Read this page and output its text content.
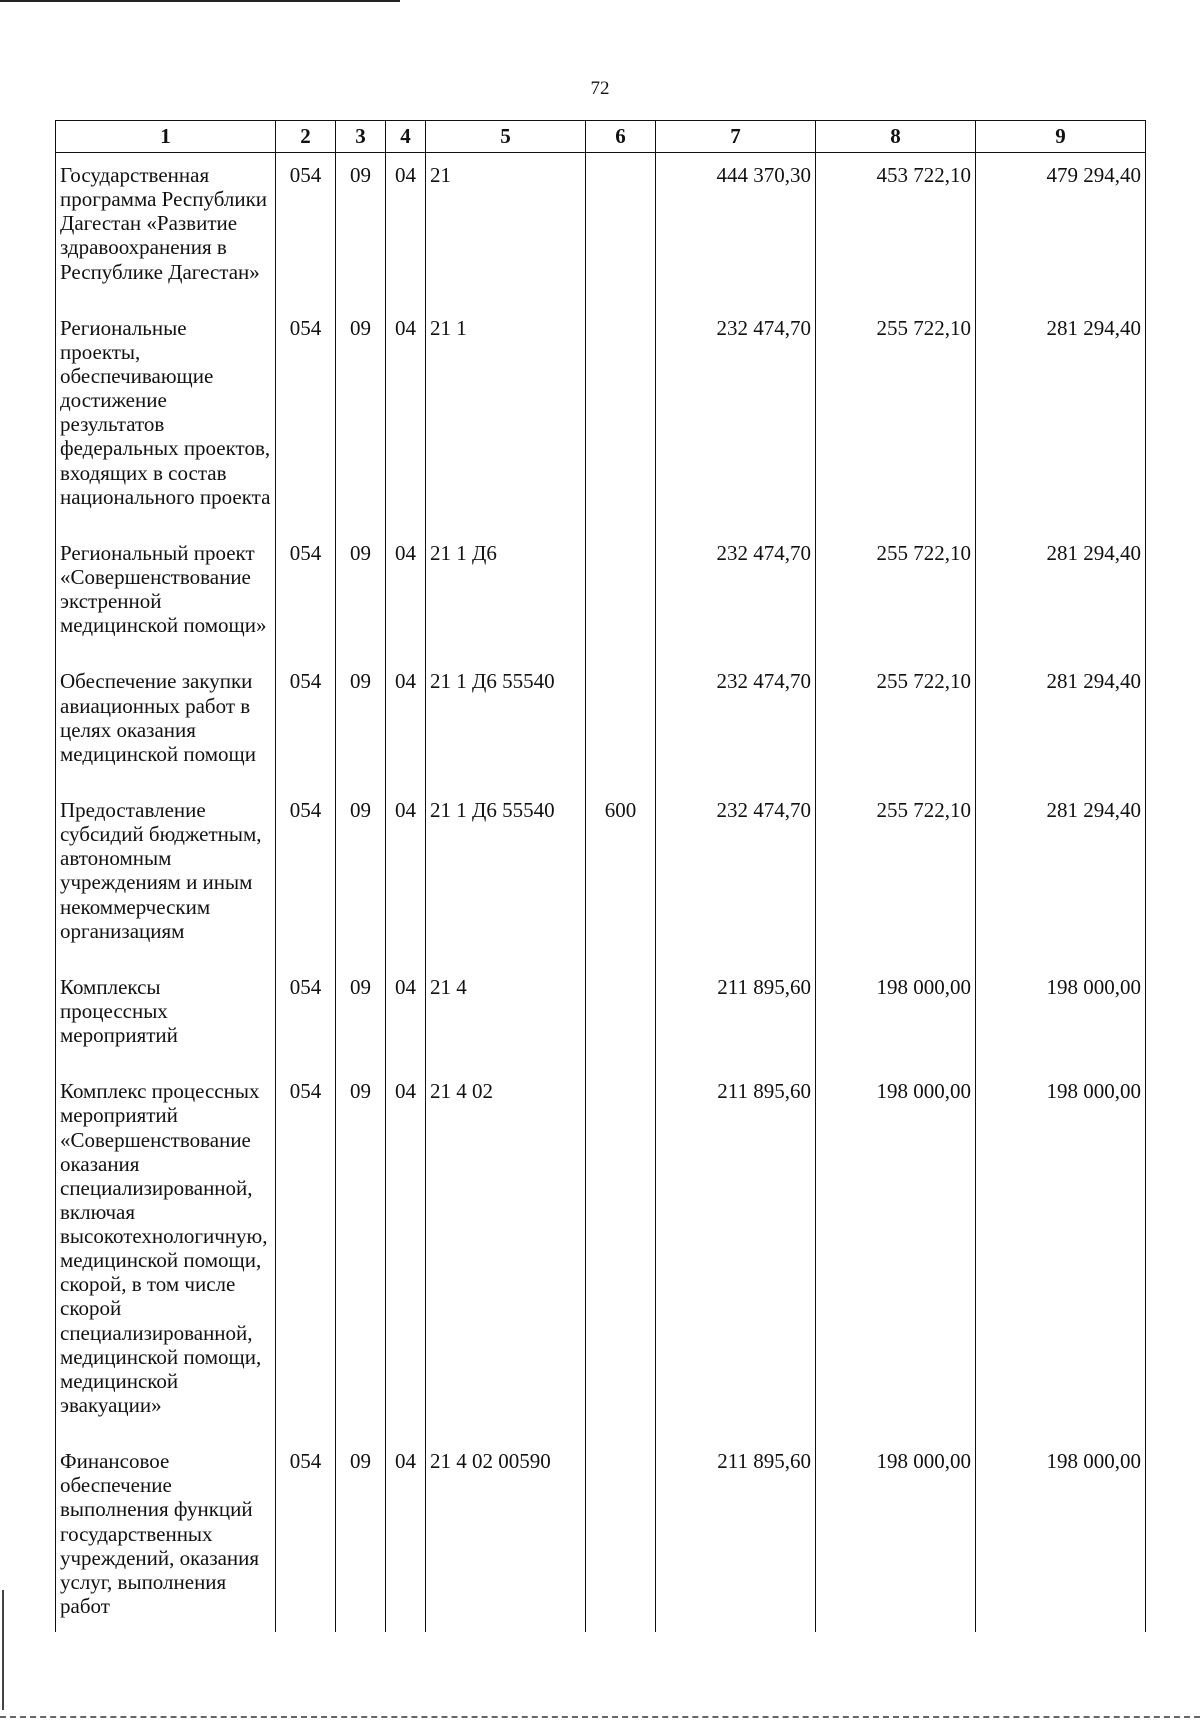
72
1	2	3	4	5	6	7	8	9
Государственная программа Республики Дагестан «Развитие здравоохранения в Республике Дагестан»	054	09	04	21		444 370,30	453 722,10	479 294,40
Региональные проекты, обеспечивающие достижение результатов федеральных проектов, входящих в состав национального проекта	054	09	04	21 1		232 474,70	255 722,10	281 294,40
Региональный проект «Совершенствование экстренной медицинской помощи»	054	09	04	21 1 Д6		232 474,70	255 722,10	281 294,40
Обеспечение закупки авиационных работ в целях оказания медицинской помощи	054	09	04	21 1 Д6 55540		232 474,70	255 722,10	281 294,40
Предоставление субсидий бюджетным, автономным учреждениям и иным некоммерческим организациям	054	09	04	21 1 Д6 55540	600	232 474,70	255 722,10	281 294,40
Комплексы процессных мероприятий	054	09	04	21 4		211 895,60	198 000,00	198 000,00
Комплекс процессных мероприятий «Совершенствование оказания специализированной, включая высокотехнологичную, медицинской помощи, скорой, в том числе скорой специализированной, медицинской помощи, медицинской эвакуации»	054	09	04	21 4 02		211 895,60	198 000,00	198 000,00
Финансовое обеспечение выполнения функций государственных учреждений, оказания услуг, выполнения работ	054	09	04	21 4 02 00590		211 895,60	198 000,00	198 000,00
